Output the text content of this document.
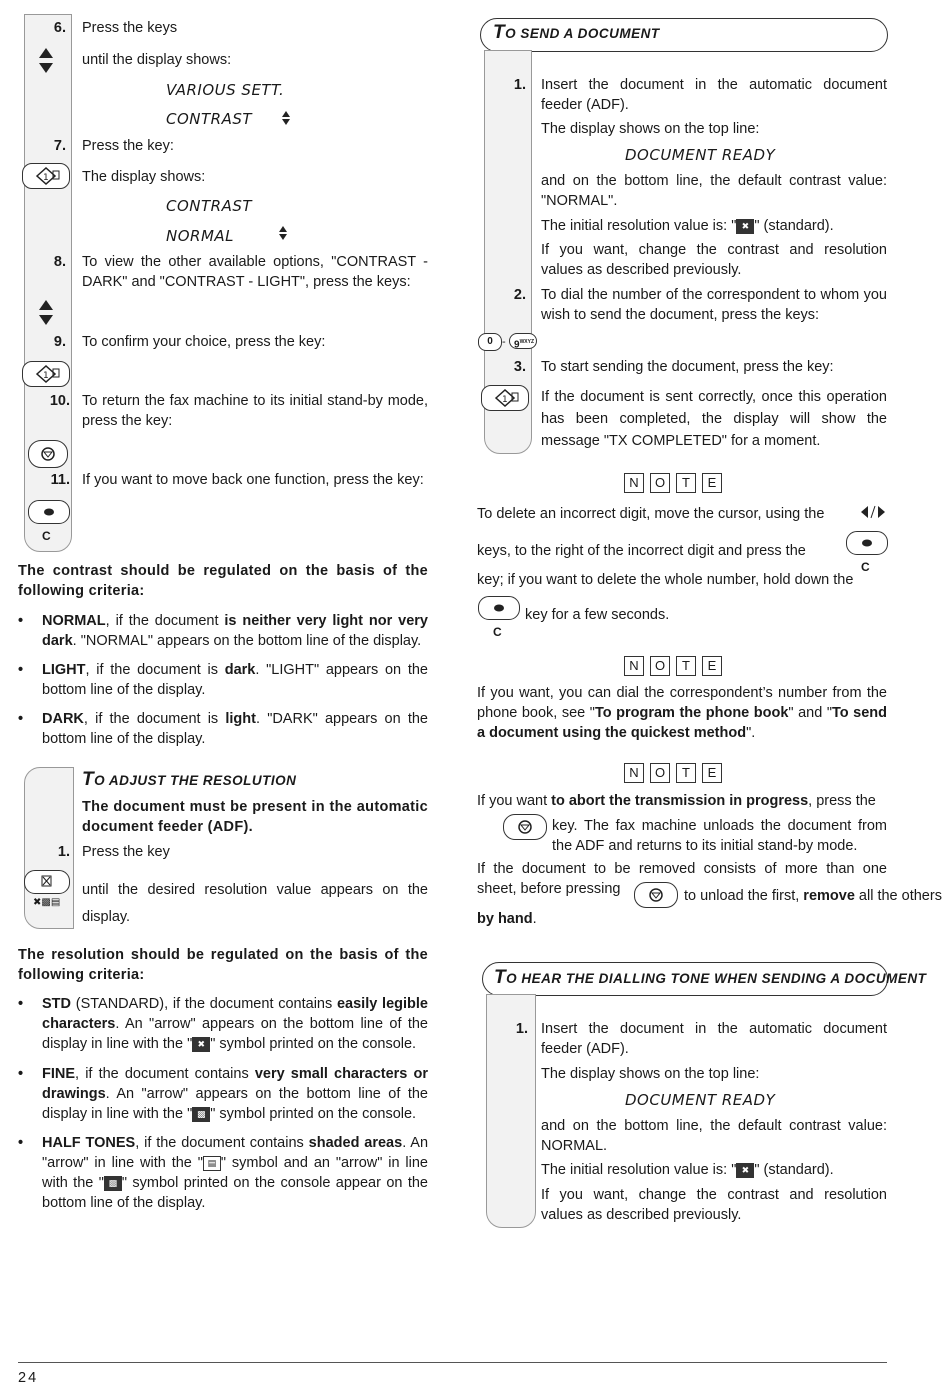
6. Press the keys

until the display shows:

VARIOUS SETT.
CONTRAST
7. Press the key:

1 The display shows:

CONTRAST
NORMAL
8. To view the other available options, "CONTRAST - DARK" and "CONTRAST - LIGHT", press the keys:

9. To confirm your choice, press the key:

1
10. To return the fax machine to its initial stand-by mode, press the key:

11. If you want to move back one function, press the key:

C

The contrast should be regulated on the basis of the following criteria:

• NORMAL, if the document is neither very light nor very dark. "NORMAL" appears on the bottom line of the display.

• LIGHT, if the document is dark. "LIGHT" appears on the bottom line of the display.

• DARK, if the document is light. "DARK" appears on the bottom line of the display.

TO ADJUST THE RESOLUTION

The document must be present in the automatic document feeder (ADF).

1. Press the key

✖▩▤

until the desired resolution value appears on the display.

The resolution should be regulated on the basis of the following criteria:

• STD (STANDARD), if the document contains easily legible characters. An "arrow" appears on the bottom line of the display in line with the " ✖ " symbol printed on the console.

• FINE, if the document contains very small characters or drawings. An "arrow" appears on the bottom line of the display in line with the " ▩ " symbol printed on the console.

• HALF TONES, if the document contains shaded areas. An "arrow" in line with the " ▤ " symbol and an "arrow" in line with the " ▩ " symbol printed on the console appear on the bottom line of the display.

TO SEND A DOCUMENT
1. Insert the document in the automatic document feeder (ADF).

The display shows on the top line:

DOCUMENT READY

and on the bottom line, the default contrast value: "NORMAL".

The initial resolution value is: " ✖ " (standard).

If you want, change the contrast and resolution values as described previously.

2. To dial the number of the correspondent to whom you wish to send the document, press the keys:

$0 - 9^{WXYZ}$
3. To start sending the document, press the key:

1 If the document is sent correctly, once this operation has been completed, the display will show the message "TX COMPLETED" for a moment.

N O T E

To delete an incorrect digit, move the cursor, using the

keys, to the right of the incorrect digit and press the

C

key; if you want to delete the whole number, hold down the

C

key for a few seconds.

N O T E

If you want, you can dial the correspondent’s number from the phone book, see "To program the phone book" and "To send a document using the quickest method".

N O T E

If you want to abort the transmission in progress, press the

key. The fax machine unloads the document from the ADF and returns to its initial stand-by mode.

If the document to be removed consists of more than one sheet, before pressing	to unload the first, remove all the others

by hand.

TO HEAR THE DIALLING TONE WHEN SENDING A DOCUMENT
1. Insert the document in the automatic document feeder (ADF).

The display shows on the top line:

DOCUMENT READY

and on the bottom line, the default contrast value: NORMAL.

The initial resolution value is: " ✖ " (standard).

If you want, change the contrast and resolution values as described previously.

24
